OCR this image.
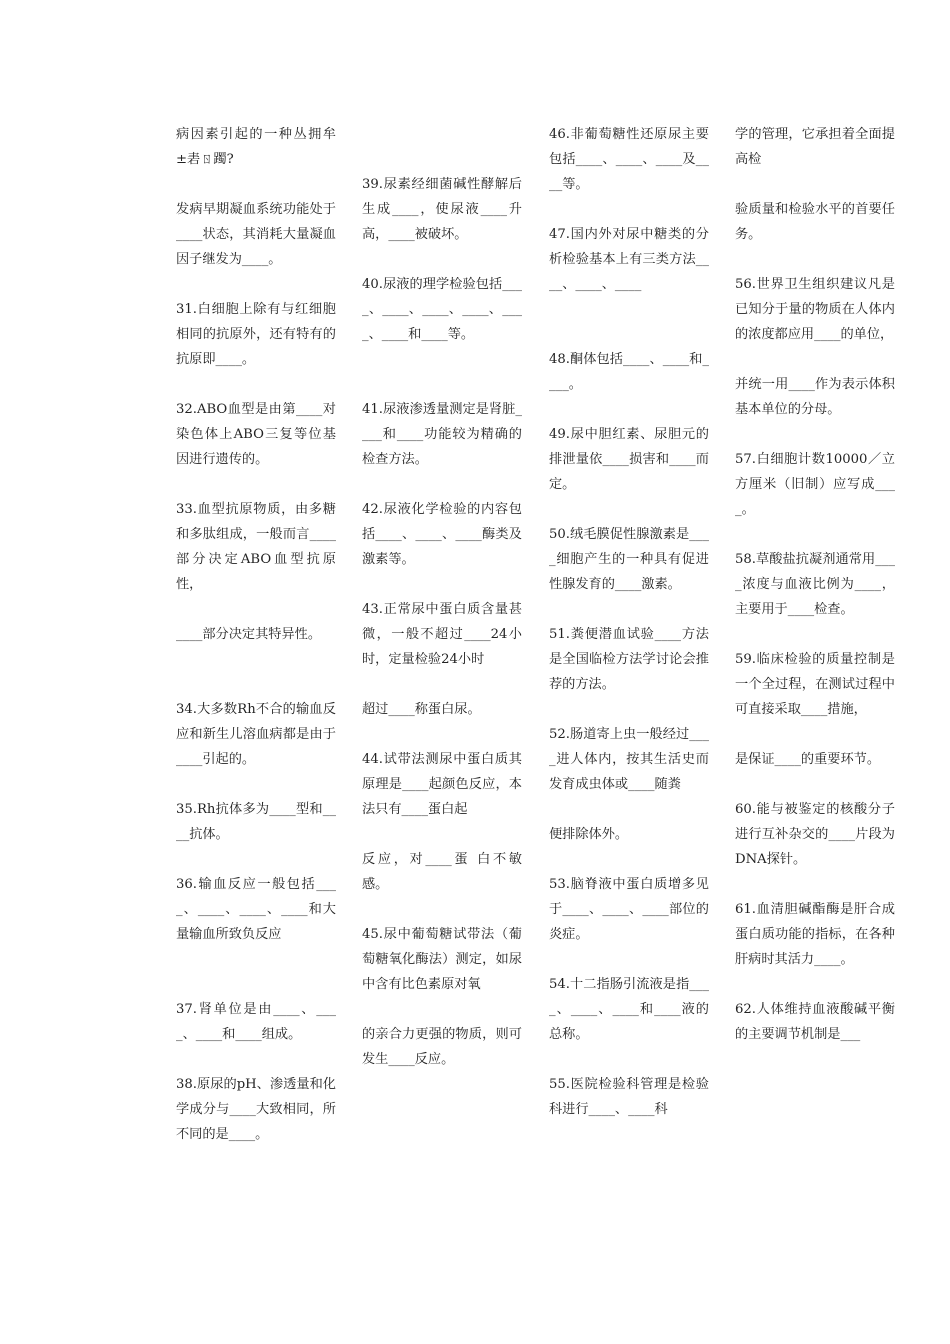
病因素引起的一种丛拥牟±砉ㄖ躅?

发病早期凝血系统功能处于____状态，其消耗大量凝血因子继发为____。

31.白细胞上除有与红细胞相同的抗原外，还有特有的抗原即____。

32.ABO血型是由第____对染色体上ABO三复等位基因进行遗传的。

33.血型抗原物质，由多糖和多肽组成，一般而言____部分决定ABO血型抗原性，

____部分决定其特异性。

34.大多数Rh不合的输血反应和新生儿溶血病都是由于____引起的。

35.Rh抗体多为____型和____抗体。

36.输血反应一般包括____、____、____、____和大量输血所致负反应

37.肾单位是由____、____、____和____组成。

38.原尿的pH、渗透量和化学成分与____大致相同，所不同的是____。

39.尿素经细菌碱性酵解后生成____，使尿液____升高，____被破坏。

40.尿液的理学检验包括____、____、____、____、____、____和____等。

41.尿液渗透量测定是肾脏____和____功能较为精确的检查方法。

42.尿液化学检验的内容包括____、____、____酶类及激素等。

43.正常尿中蛋白质含量甚微，一般不超过____24小时，定量检验24小时

超过____称蛋白尿。

44.试带法测尿中蛋白质其原理是____起颜色反应，本法只有____蛋白起

反应，对____蛋 白不敏感。

45.尿中葡萄糖试带法（葡萄糖氧化酶法）测定，如尿中含有比色素原对氧

的亲合力更强的物质，则可发生____反应。

46.非葡萄糖性还原尿主要包括____、____、____及____等。

47.国内外对尿中糖类的分析检验基本上有三类方法____、____、____

48.酮体包括____、____和____。

49.尿中胆红素、尿胆元的排泄量依____损害和____而定。

50.绒毛膜促性腺激素是____细胞产生的一种具有促进性腺发育的____激素。

51.粪便潜血试验____方法是全国临检方法学讨论会推荐的方法。

52.肠道寄上虫一般经过____进人体内，按其生活史而发育成虫体或____随粪

便排除体外。

53.脑脊液中蛋白质增多见于____、____、____部位的炎症。

54.十二指肠引流液是指____、____、____和____液的总称。

55.医院检验科管理是检验科进行____、____科

学的管理，它承担着全面提高检

验质量和检验水平的首要任务。

56.世界卫生组织建议凡是已知分于量的物质在人体内的浓度都应用____的单位，

并统一用____作为表示体积基本单位的分母。

57.白细胞计数10000／立方厘米（旧制）应写成____。

58.草酸盐抗凝剂通常用____浓度与血液比例为____，主要用于____检查。

59.临床检验的质量控制是一个全过程，在测试过程中可直接采取____措施，

是保证____的重要环节。

60.能与被鉴定的核酸分子进行互补杂交的____片段为DNA探针。

61.血清胆碱酯酶是肝合成蛋白质功能的指标，在各种肝病时其活力____。

62.人体维持血液酸碱平衡的主要调节机制是___
